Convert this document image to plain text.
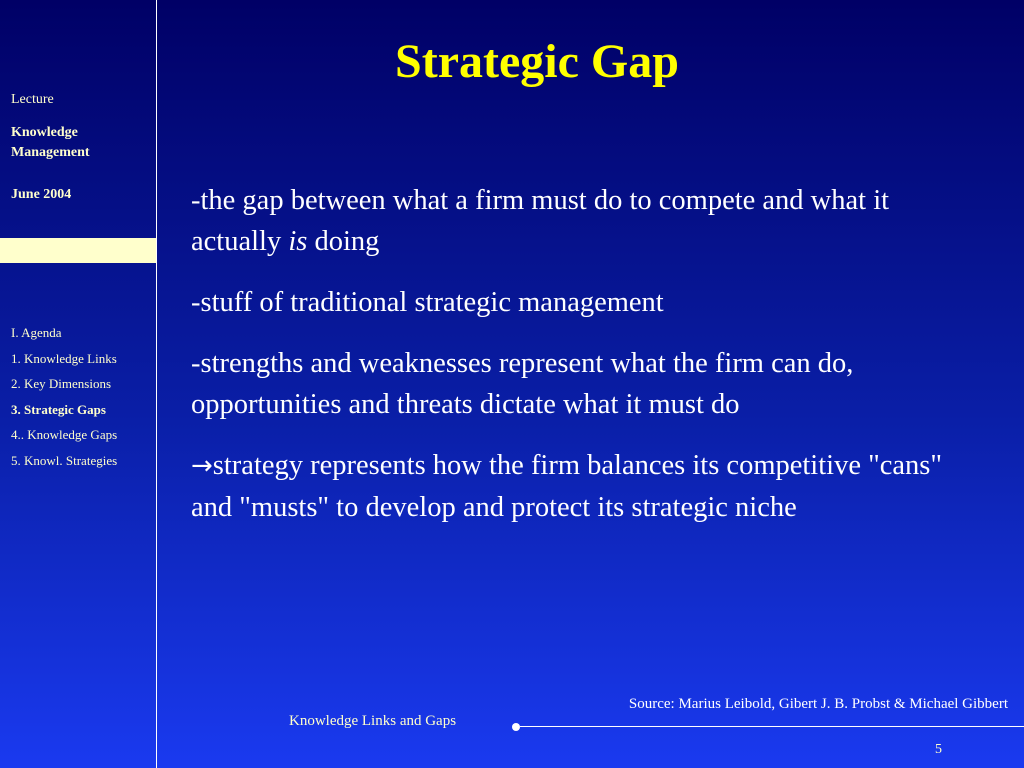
Lecture
Knowledge
Management
June 2004
I. Agenda
1. Knowledge Links
2. Key Dimensions
3. Strategic Gaps
4.. Knowledge Gaps
5. Knowl. Strategies
Strategic Gap

-the gap between what a firm must do to compete and what it actually is doing

-stuff of traditional strategic management

-strengths and weaknesses represent what the firm can do, opportunities and threats dictate what it must do

→strategy represents how the firm balances its competitive "cans" and "musts" to develop and protect its strategic niche

Source: Marius Leibold, Gibert J. B. Probst & Michael Gibbert
Knowledge Links and Gaps
5
